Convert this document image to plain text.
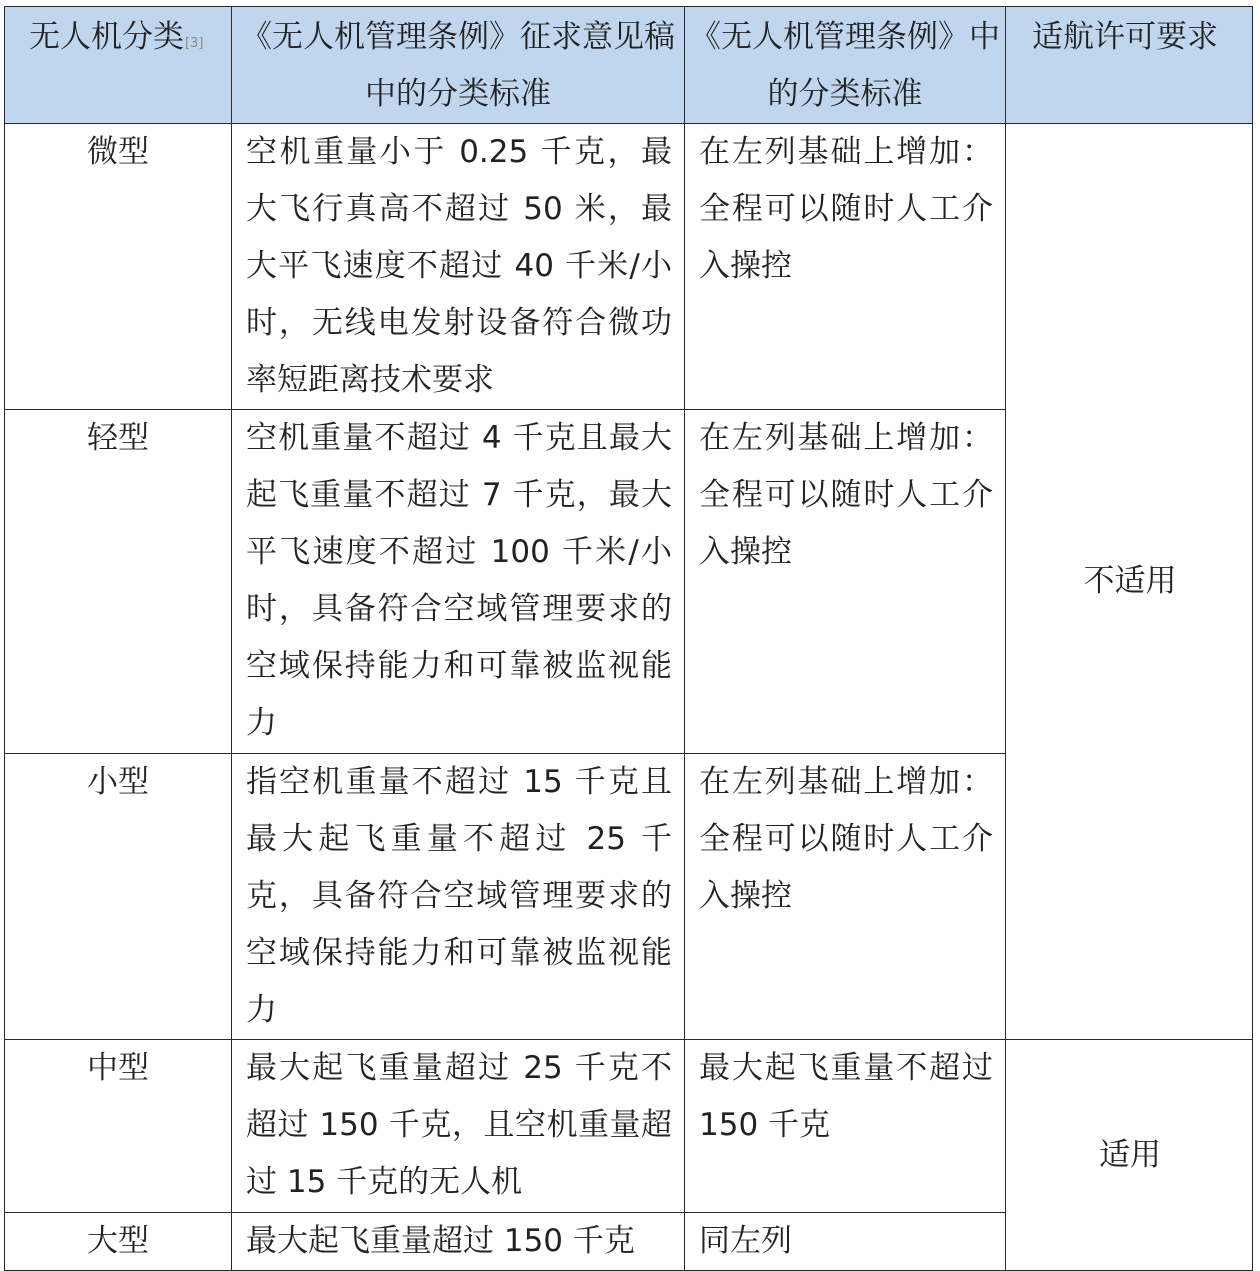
无人机分类[3]	《无人机管理条例》征求意见稿中的分类标准	《无人机管理条例》中的分类标准	适航许可要求
微型	空机重量小于 0.25 千克，最大飞行真高不超过 50 米，最大平飞速度不超过 40 千米/小时，无线电发射设备符合微功率短距离技术要求	在左列基础上增加：全程可以随时人工介入操控	不适用
轻型	空机重量不超过 4 千克且最大起飞重量不超过 7 千克，最大平飞速度不超过 100 千米/小时，具备符合空域管理要求的空域保持能力和可靠被监视能力	在左列基础上增加：全程可以随时人工介入操控	
小型	指空机重量不超过 15 千克且最大起飞重量不超过 25 千克，具备符合空域管理要求的空域保持能力和可靠被监视能力	在左列基础上增加：全程可以随时人工介入操控	
中型	最大起飞重量超过 25 千克不超过 150 千克，且空机重量超过 15 千克的无人机	最大起飞重量不超过 150 千克	适用
大型	最大起飞重量超过 150 千克	同左列	
